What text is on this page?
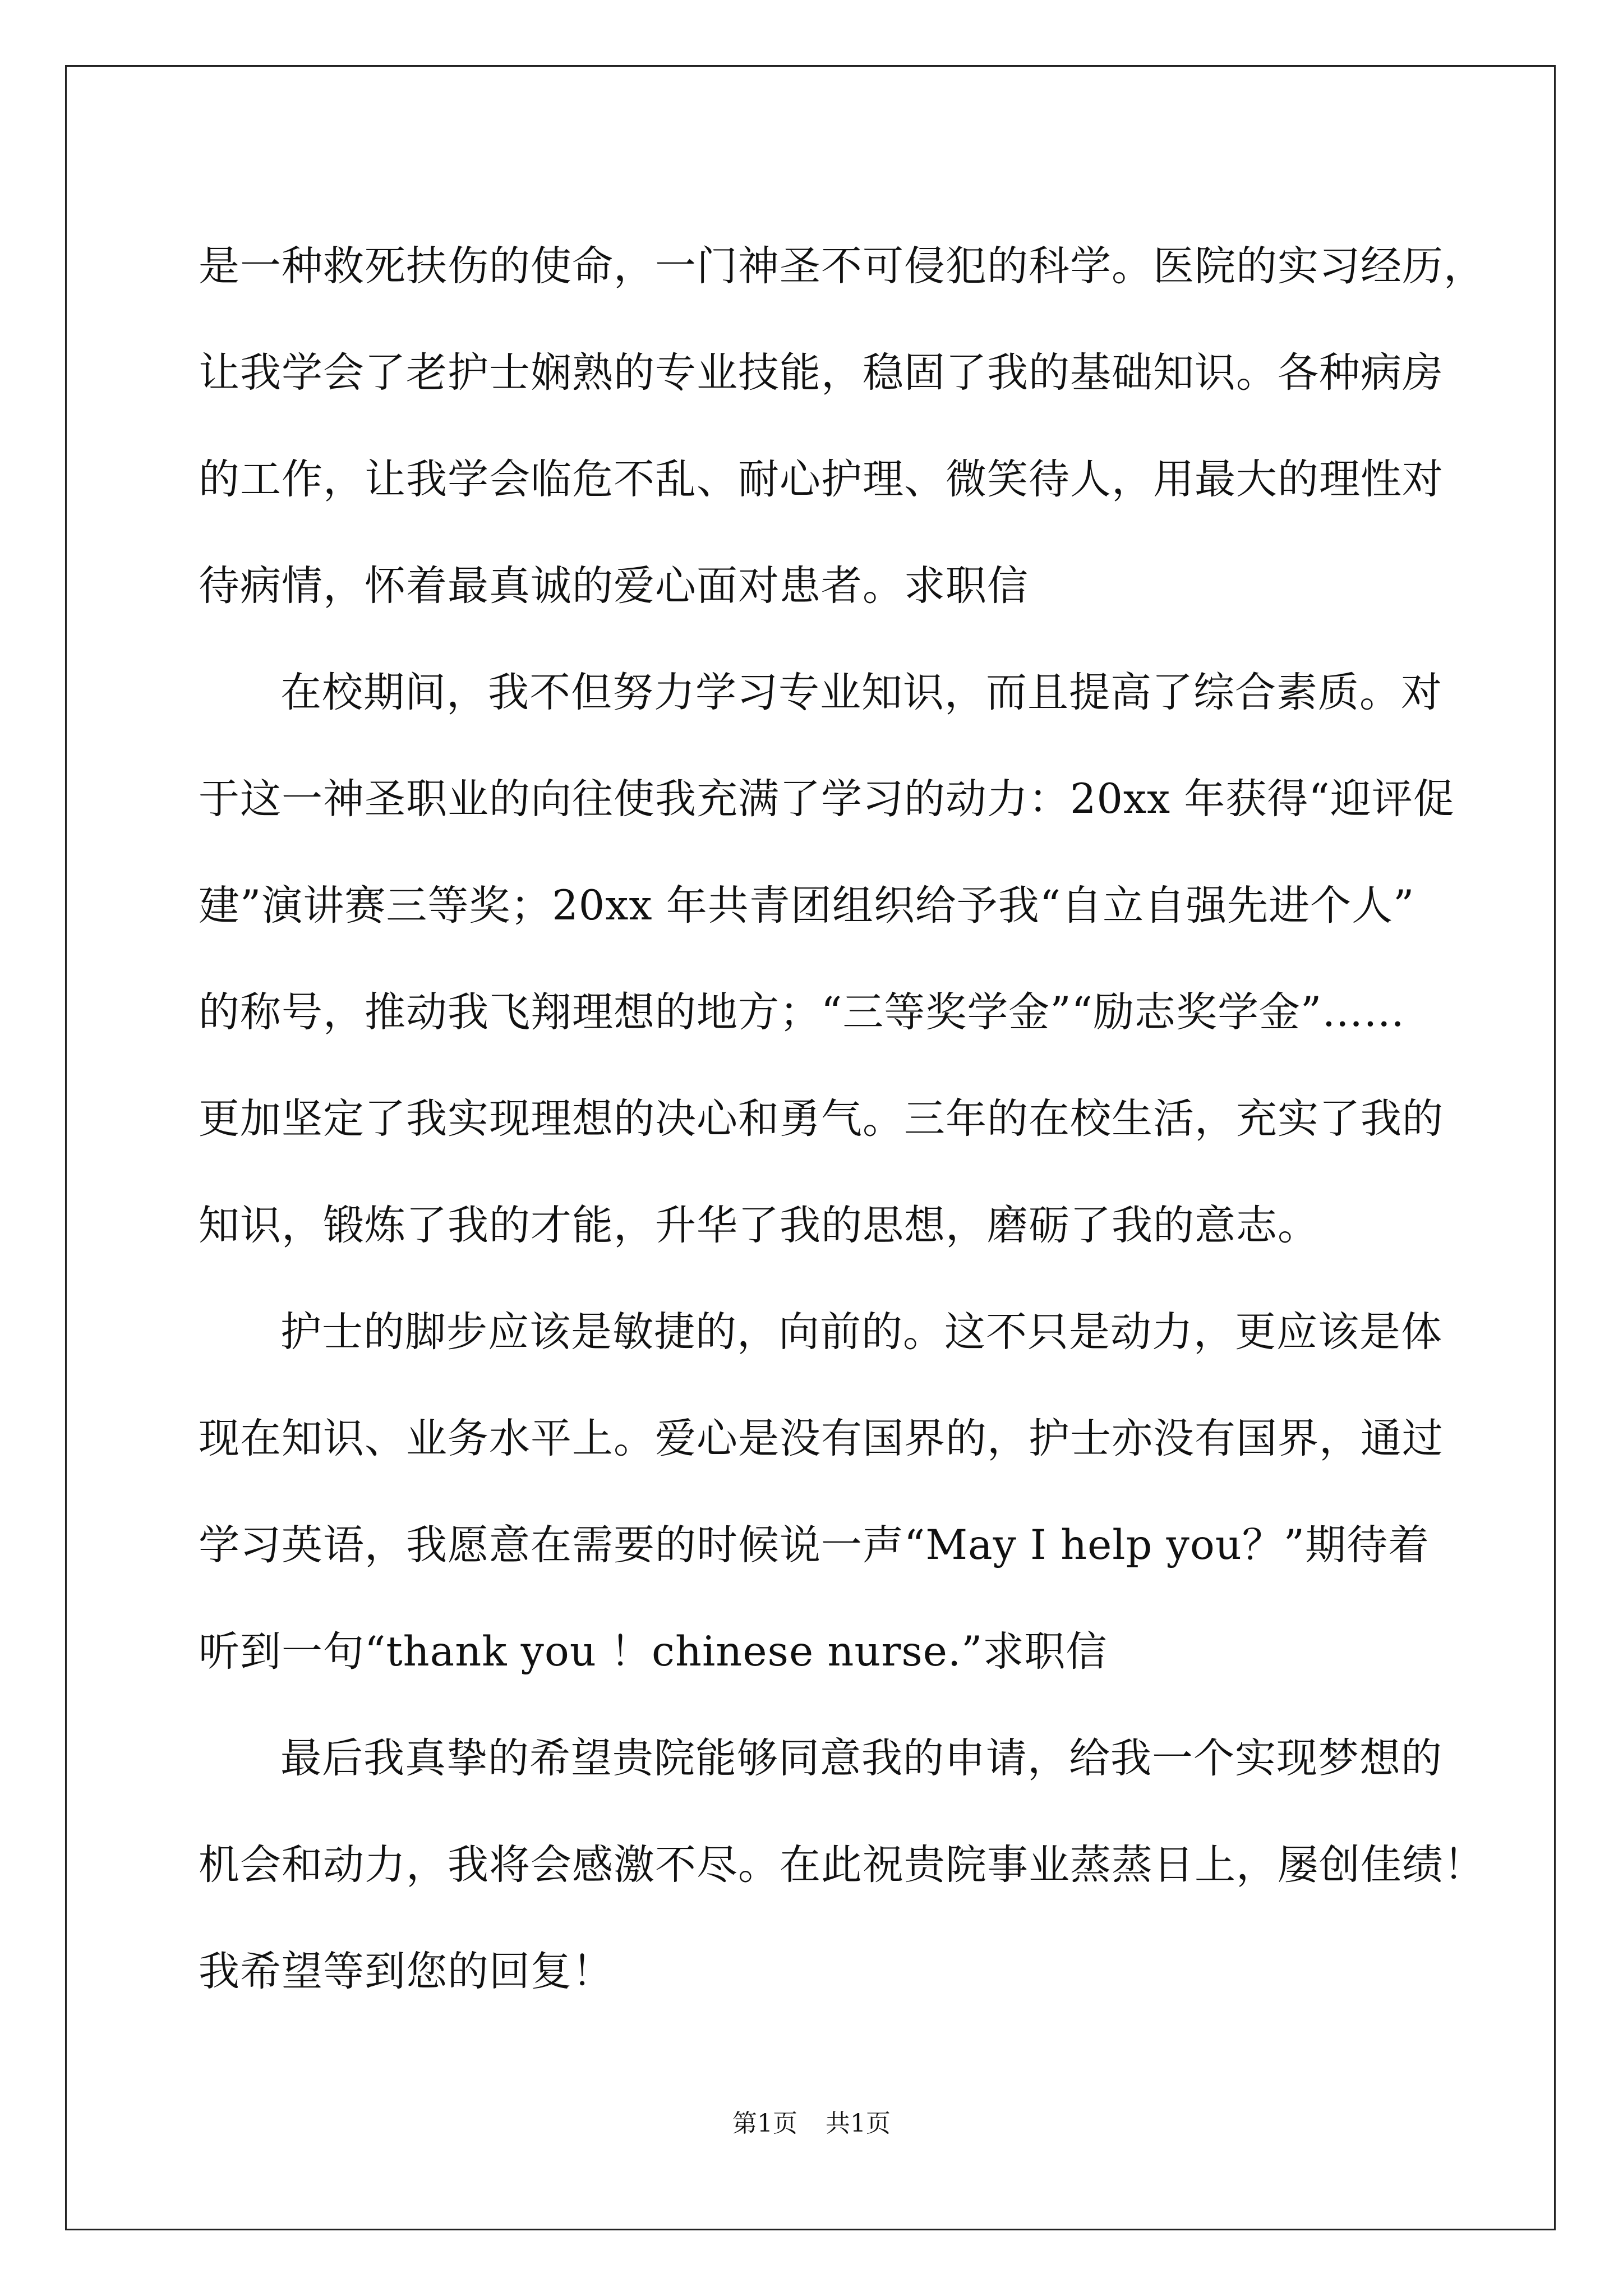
是一种救死扶伤的使命，一门神圣不可侵犯的科学。医院的实习经历，
让我学会了老护士娴熟的专业技能，稳固了我的基础知识。各种病房
的工作，让我学会临危不乱、耐心护理、微笑待人，用最大的理性对
待病情，怀着最真诚的爱心面对患者。求职信
在校期间，我不但努力学习专业知识，而且提高了综合素质。对
于这一神圣职业的向往使我充满了学习的动力：20xx 年获得“迎评促
建”演讲赛三等奖；20xx 年共青团组织给予我“自立自强先进个人”
的称号，推动我飞翔理想的地方；“三等奖学金”“励志奖学金”……
更加坚定了我实现理想的决心和勇气。三年的在校生活，充实了我的
知识，锻炼了我的才能，升华了我的思想，磨砺了我的意志。
护士的脚步应该是敏捷的，向前的。这不只是动力，更应该是体
现在知识、业务水平上。爱心是没有国界的，护士亦没有国界，通过
学习英语，我愿意在需要的时候说一声“May I help you？”期待着
听到一句“thank you ！chinese nurse.”求职信
最后我真挚的希望贵院能够同意我的申请，给我一个实现梦想的
机会和动力，我将会感激不尽。在此祝贵院事业蒸蒸日上，屡创佳绩！
我希望等到您的回复！
第1页 共1页
